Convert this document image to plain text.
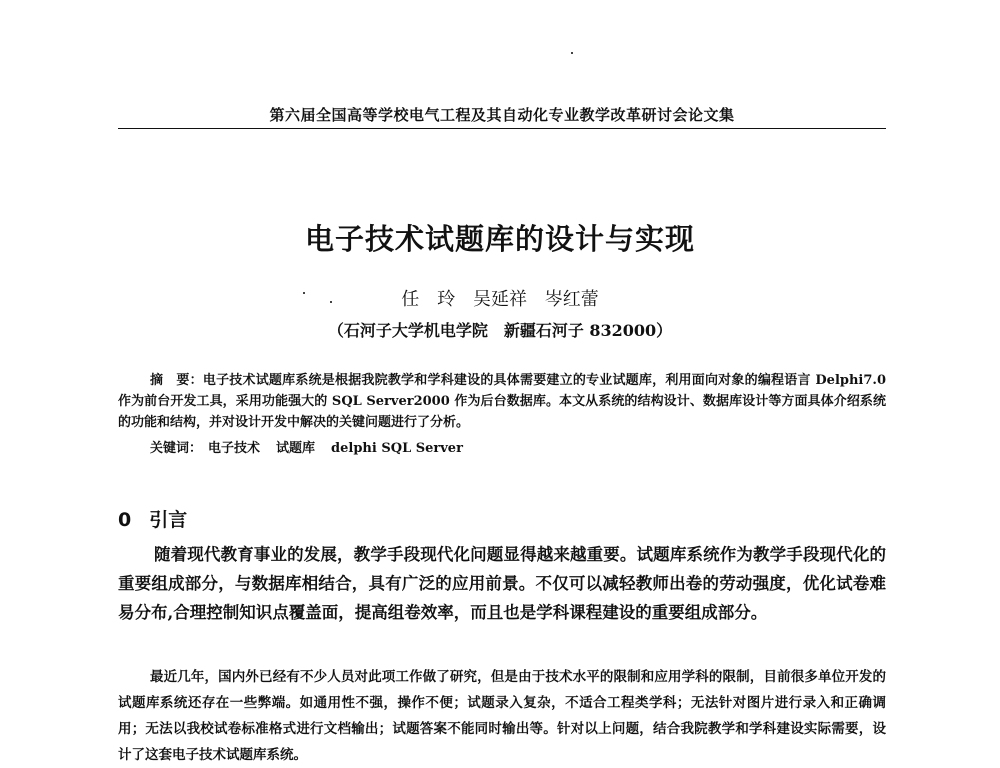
第六届全国高等学校电气工程及其自动化专业教学改革研讨会论文集
电子技术试题库的设计与实现
任　玲 吴延祥 岑红蕾
（石河子大学机电学院　新疆石河子 832000）
摘　要：电子技术试题库系统是根据我院教学和学科建设的具体需要建立的专业试题库，利用面向对象的编程语言 Delphi7.0 作为前台开发工具，采用功能强大的 SQL Server2000 作为后台数据库。本文从系统的结构设计、数据库设计等方面具体介绍系统的功能和结构，并对设计开发中解决的关键问题进行了分析。
关键词： 电子技术 试题库 delphi SQL Server
0 引言
随着现代教育事业的发展，教学手段现代化问题显得越来越重要。试题库系统作为教学手段现代化的重要组成部分，与数据库相结合，具有广泛的应用前景。不仅可以减轻教师出卷的劳动强度，优化试卷难易分布,合理控制知识点覆盖面，提高组卷效率，而且也是学科课程建设的重要组成部分。
最近几年，国内外已经有不少人员对此项工作做了研究，但是由于技术水平的限制和应用学科的限制，目前很多单位开发的试题库系统还存在一些弊端。如通用性不强，操作不便；试题录入复杂，不适合工程类学科；无法针对图片进行录入和正确调用；无法以我校试卷标准格式进行文档输出；试题答案不能同时输出等。针对以上问题，结合我院教学和学科建设实际需要，设计了这套电子技术试题库系统。
